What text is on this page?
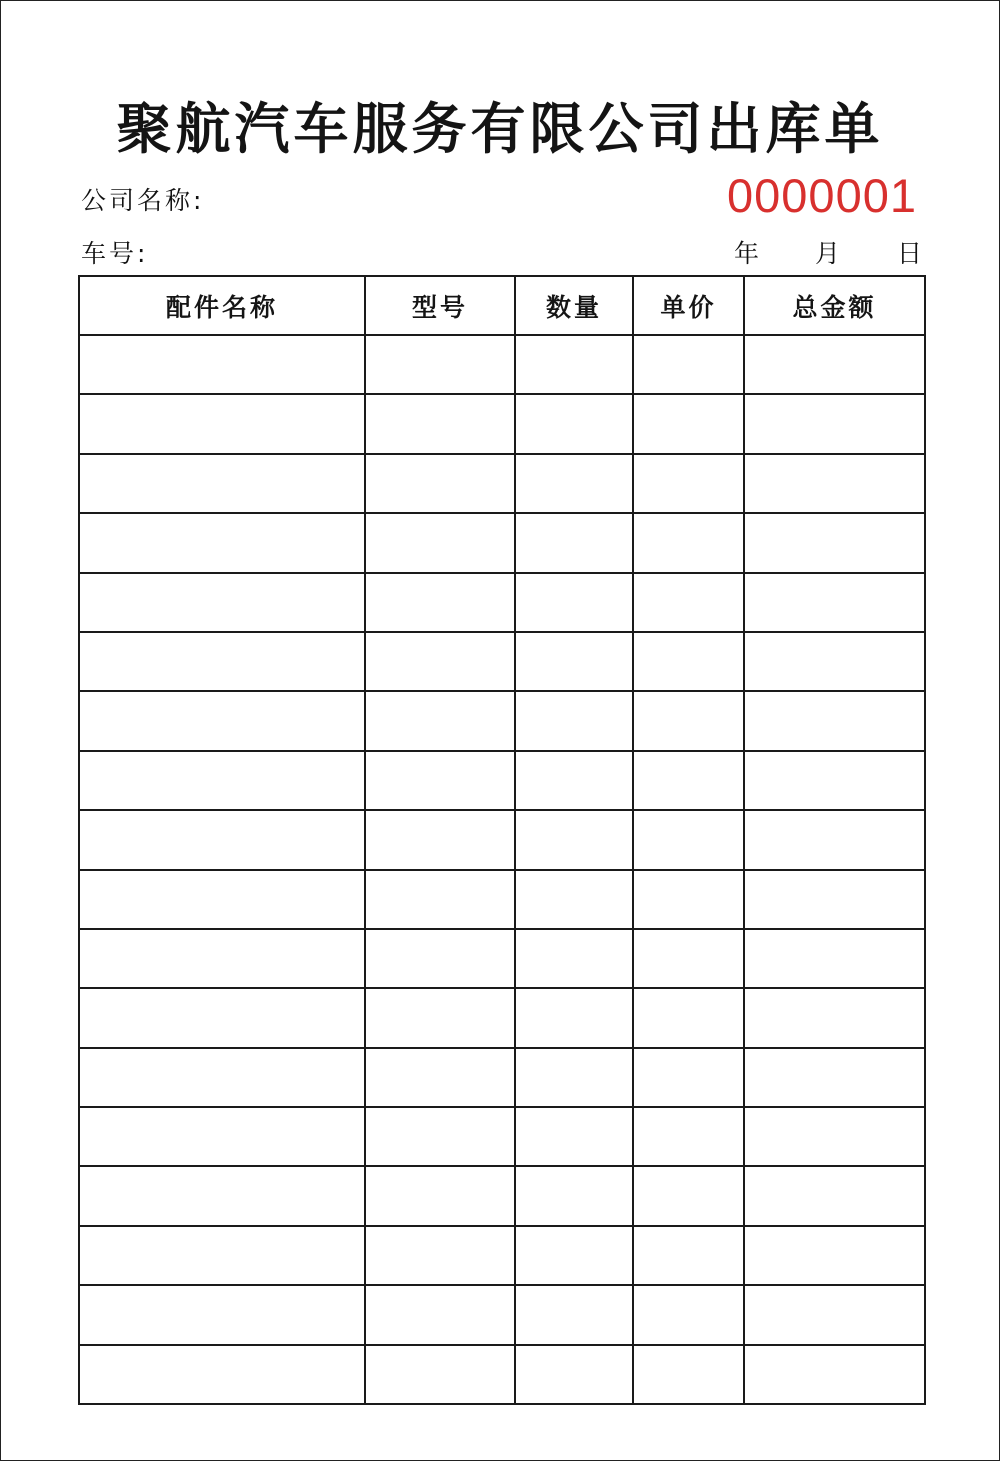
聚航汽车服务有限公司出库单
公司名称:	0000001
车号:	年 月 日
配件名称	型号	数量	单价	总金额
